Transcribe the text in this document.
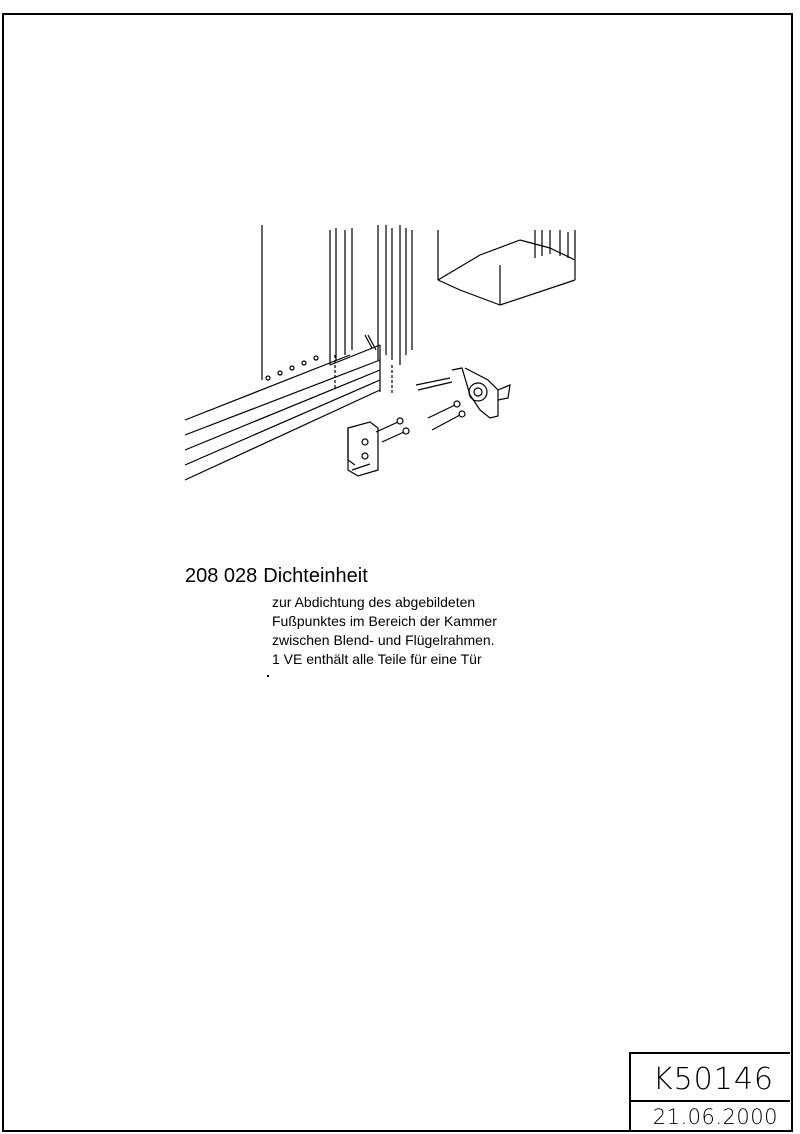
208 028 Dichteinheit
zur Abdichtung des abgebildeten
Fußpunktes im Bereich der Kammer
zwischen Blend- und Flügelrahmen.
1 VE enthält alle Teile für eine Tür
K50146
21.06.2000
